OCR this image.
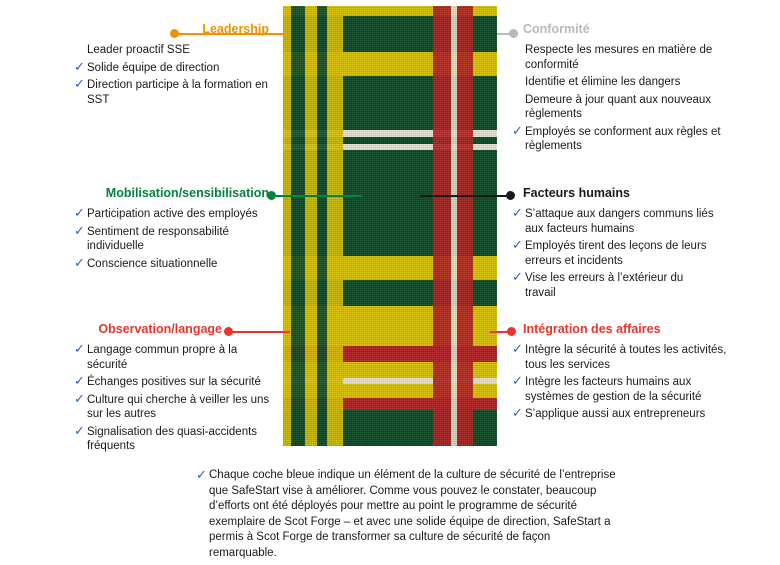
Leadership
Leader proactif SSE
✓ Solide équipe de direction
✓ Direction participe à la formation en SST
Conformité
Respecte les mesures en matière de conformité
Identifie et élimine les dangers
Demeure à jour quant aux nouveaux règlements
✓ Employés se conforment aux règles et règlements
Mobilisation/sensibilisation
✓ Participation active des employés
✓ Sentiment de responsabilité individuelle
✓ Conscience situationnelle
Facteurs humains
✓ S’attaque aux dangers communs liés aux facteurs humains
✓ Employés tirent des leçons de leurs erreurs et incidents
✓ Vise les erreurs à l’extérieur du travail
Observation/langage
✓ Langage commun propre à la sécurité
✓ Échanges positives sur la sécurité
✓ Culture qui cherche à veiller les uns sur les autres
✓ Signalisation des quasi-accidents fréquents
Intégration des affaires
✓ Intègre la sécurité à toutes les activités, tous les services
✓ Intègre les facteurs humains aux systèmes de gestion de la sécurité
✓ S’applique aussi aux entrepreneurs
✓ Chaque coche bleue indique un élément de la culture de sécurité de l’entreprise que SafeStart vise à améliorer. Comme vous pouvez le constater, beaucoup d’efforts ont été déployés pour mettre au point le programme de sécurité exemplaire de Scot Forge – et avec une solide équipe de direction, SafeStart a permis à Scot Forge de transformer sa culture de sécurité de façon remarquable.
